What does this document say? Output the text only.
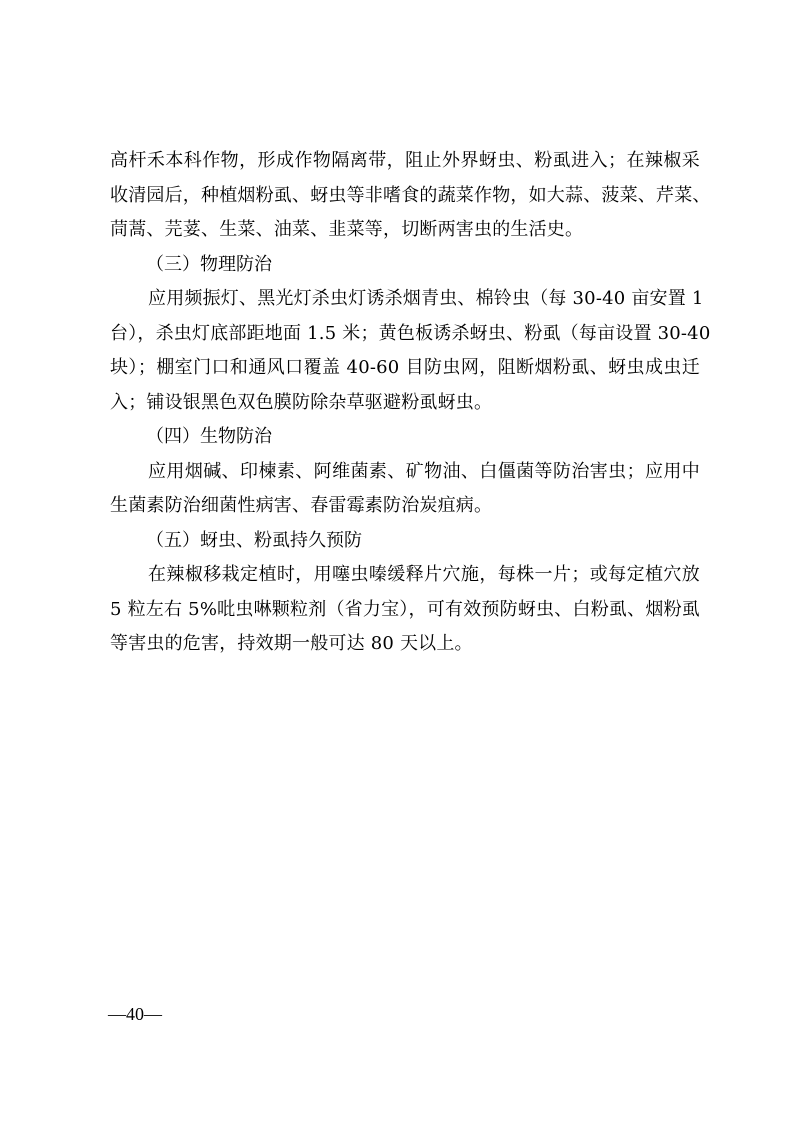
高杆禾本科作物，形成作物隔离带，阻止外界蚜虫、粉虱进入；在辣椒采
收清园后，种植烟粉虱、蚜虫等非嗜食的蔬菜作物，如大蒜、菠菜、芹菜、
茼蒿、芫荽、生菜、油菜、韭菜等，切断两害虫的生活史。
（三）物理防治
应用频振灯、黑光灯杀虫灯诱杀烟青虫、棉铃虫（每 30-40 亩安置 1
台），杀虫灯底部距地面 1.5 米；黄色板诱杀蚜虫、粉虱（每亩设置 30-40
块）；棚室门口和通风口覆盖 40-60 目防虫网，阻断烟粉虱、蚜虫成虫迁
入；铺设银黑色双色膜防除杂草驱避粉虱蚜虫。
（四）生物防治
应用烟碱、印楝素、阿维菌素、矿物油、白僵菌等防治害虫；应用中
生菌素防治细菌性病害、春雷霉素防治炭疽病。
（五）蚜虫、粉虱持久预防
在辣椒移栽定植时，用噻虫嗪缓释片穴施，每株一片；或每定植穴放
5 粒左右 5%吡虫啉颗粒剂（省力宝），可有效预防蚜虫、白粉虱、烟粉虱
等害虫的危害，持效期一般可达 80 天以上。
—40—
